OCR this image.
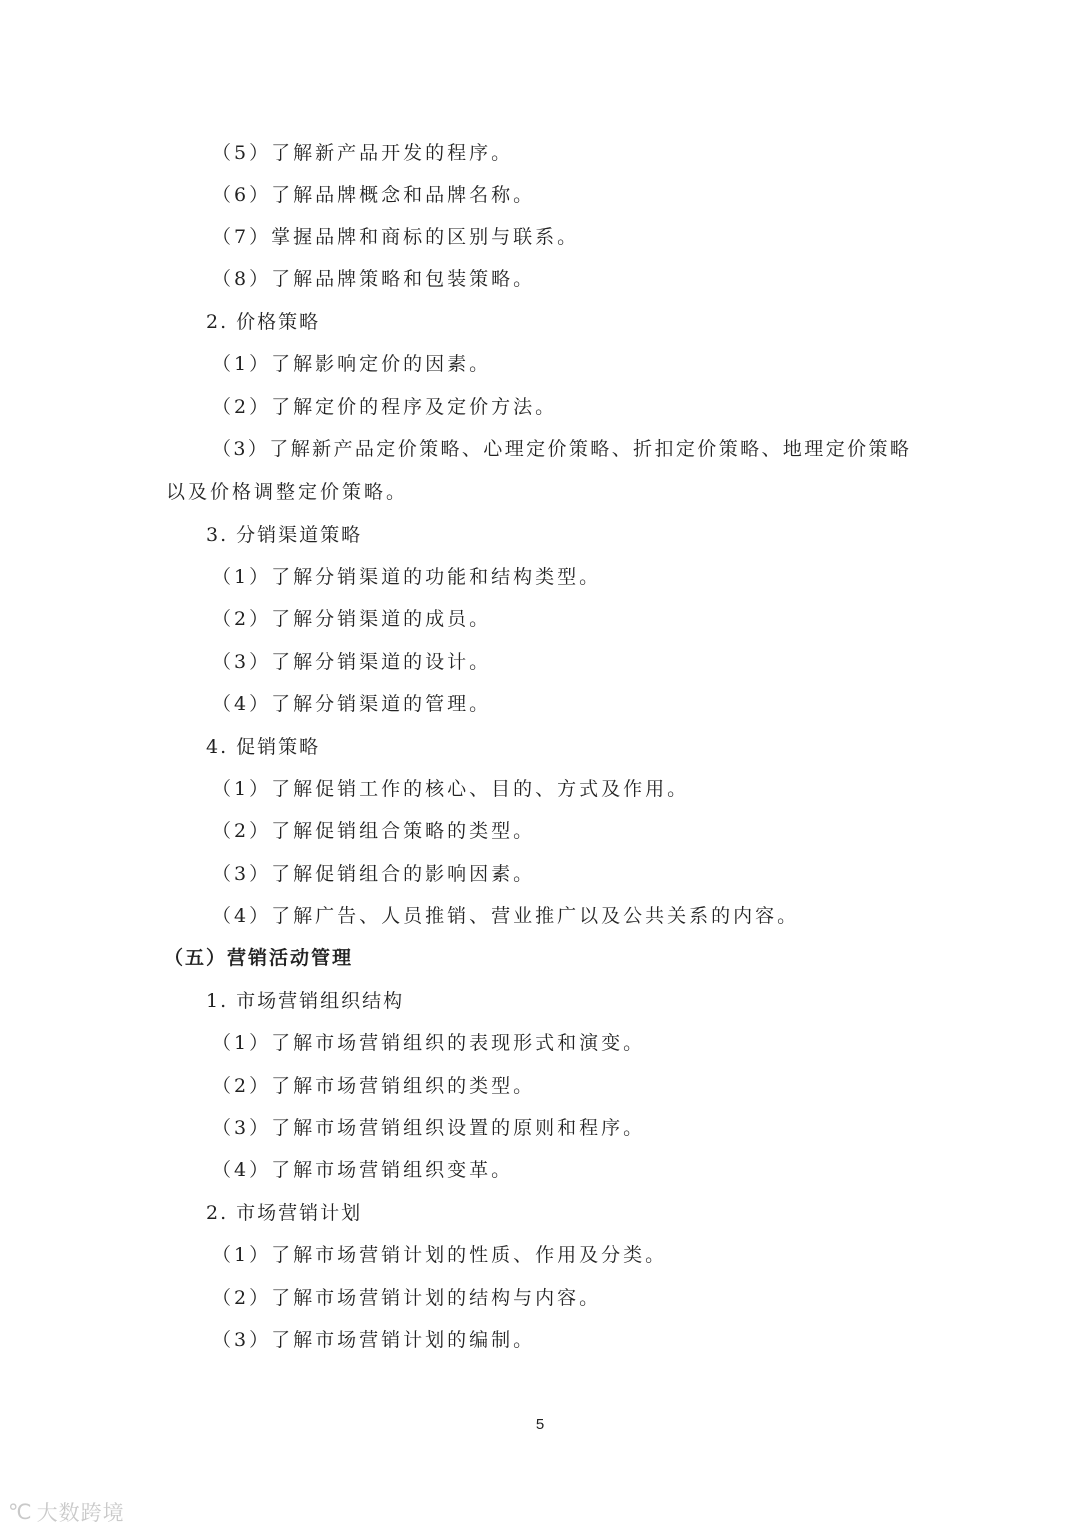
（5）了解新产品开发的程序。

（6）了解品牌概念和品牌名称。

（7）掌握品牌和商标的区别与联系。

（8）了解品牌策略和包装策略。

2. 价格策略

（1）了解影响定价的因素。

（2）了解定价的程序及定价方法。

（3）了解新产品定价策略、心理定价策略、折扣定价策略、地理定价策略

以及价格调整定价策略。

3. 分销渠道策略

（1）了解分销渠道的功能和结构类型。

（2）了解分销渠道的成员。

（3）了解分销渠道的设计。

（4）了解分销渠道的管理。

4. 促销策略

（1）了解促销工作的核心、目的、方式及作用。

（2）了解促销组合策略的类型。

（3）了解促销组合的影响因素。

（4）了解广告、人员推销、营业推广以及公共关系的内容。

（五）营销活动管理

1. 市场营销组织结构

（1）了解市场营销组织的表现形式和演变。

（2）了解市场营销组织的类型。

（3）了解市场营销组织设置的原则和程序。

（4）了解市场营销组织变革。

2. 市场营销计划

（1）了解市场营销计划的性质、作用及分类。

（2）了解市场营销计划的结构与内容。

（3）了解市场营销计划的编制。

5
℃ 大数跨境
